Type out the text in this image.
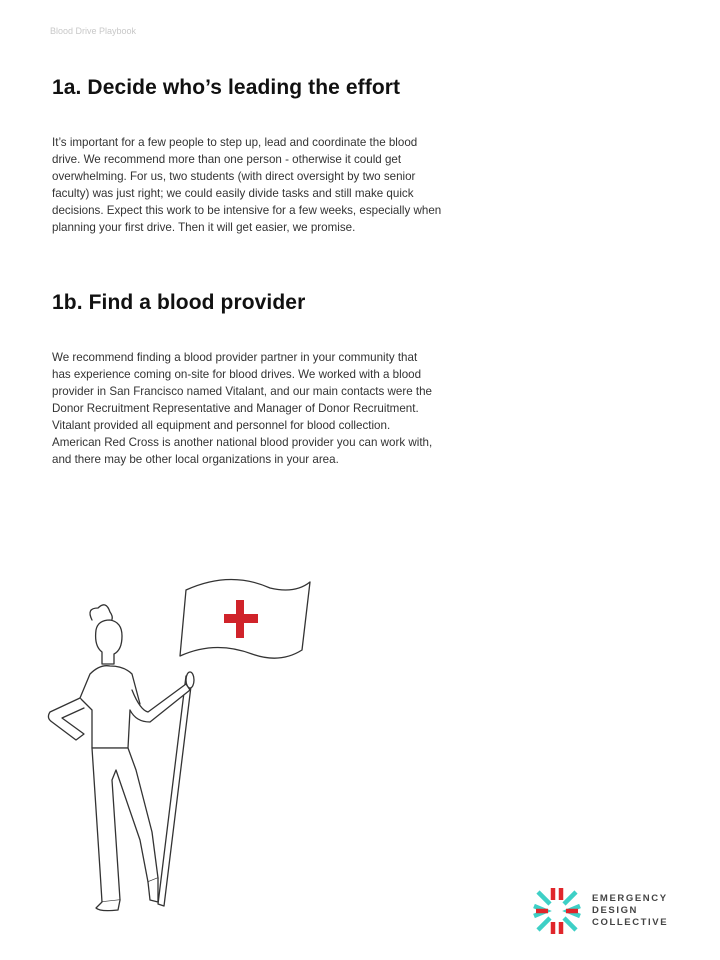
Blood Drive Playbook
1a. Decide who’s leading the effort
It’s important for a few people to step up, lead and coordinate the blood
drive. We recommend more than one person - otherwise it could get
overwhelming. For us, two students (with direct oversight by two senior
faculty) was just right; we could easily divide tasks and still make quick
decisions. Expect this work to be intensive for a few weeks, especially when
planning your first drive. Then it will get easier, we promise.
1b. Find a blood provider
We recommend finding a blood provider partner in your community that
has experience coming on-site for blood drives. We worked with a blood
provider in San Francisco named Vitalant, and our main contacts were the
Donor Recruitment Representative and Manager of Donor Recruitment.
Vitalant provided all equipment and personnel for blood collection.
American Red Cross is another national blood provider you can work with,
and there may be other local organizations in your area.
EMERGENCY
DESIGN
COLLECTIVE
